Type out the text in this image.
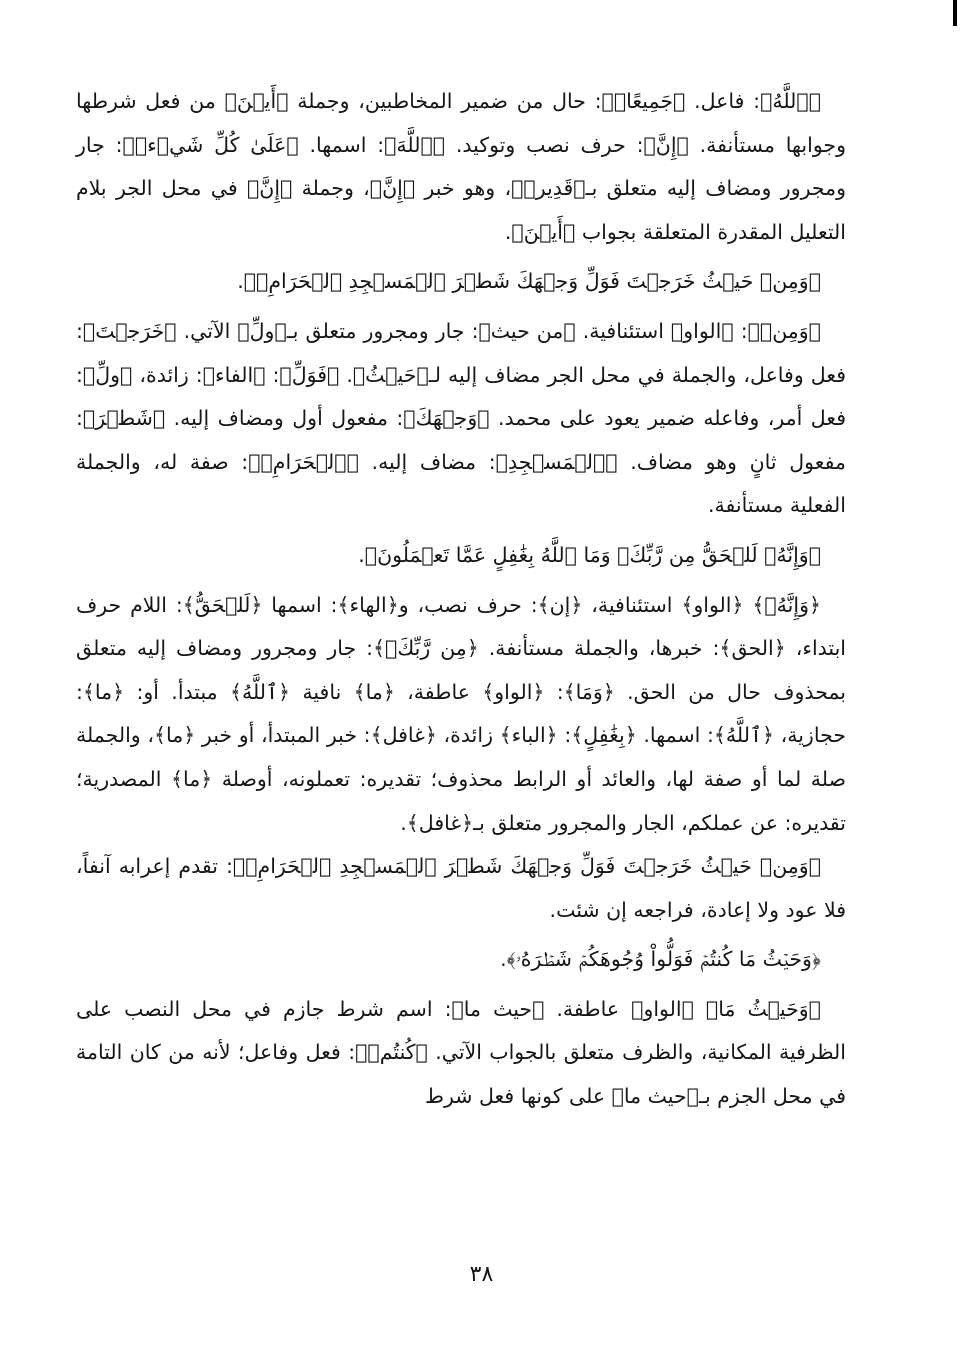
﴿ٱللَّهُ﴾: فاعل. ﴿جَمِيعًاۚ﴾: حال من ضمير المخاطبين، وجملة ﴿أَيۡنَ﴾ من فعل شرطها وجوابها مستأنفة. ﴿إِنَّ﴾: حرف نصب وتوكيد. ﴿ٱللَّهَ﴾: اسمها. ﴿عَلَىٰ كُلِّ شَيۡءٖ﴾: جار ومجرور ومضاف إليه متعلق بـ﴿قَدِيرٞ﴾، وهو خبر ﴿إِنَّ﴾، وجملة ﴿إِنَّ﴾ في محل الجر بلام التعليل المقدرة المتعلقة بجواب ﴿أَيۡنَ﴾.

﴿وَمِنۡ حَيۡثُ خَرَجۡتَ فَوَلِّ وَجۡهَكَ شَطۡرَ ٱلۡمَسۡجِدِ ٱلۡحَرَامِۖ﴾.

﴿وَمِنۡ﴾: ﴿الواو﴾ استئنافية. ﴿من حيث﴾: جار ومجرور متعلق بـ﴿ولِّ﴾ الآتي. ﴿خَرَجۡتَ﴾: فعل وفاعل، والجملة في محل الجر مضاف إليه لـ﴿حَيۡثُ﴾. ﴿فَوَلِّ﴾: ﴿الفاء﴾: زائدة، ﴿ولِّ﴾: فعل أمر، وفاعله ضمير يعود على محمد. ﴿وَجۡهَكَ﴾: مفعول أول ومضاف إليه. ﴿شَطۡرَ﴾: مفعول ثانٍ وهو مضاف. ﴿ٱلۡمَسۡجِدِ﴾: مضاف إليه. ﴿ٱلۡحَرَامِۖ﴾: صفة له، والجملة الفعلية مستأنفة.

﴿وَإِنَّهُۥ لَلۡحَقُّ مِن رَّبِّكَۗ وَمَا ٱللَّهُ بِغَٰفِلٍ عَمَّا تَعۡمَلُونَ﴾.

﴿وَإِنَّهُۥ﴾ ﴿الواو﴾ استئنافية، ﴿إن﴾: حرف نصب، و﴿الهاء﴾: اسمها ﴿لَلۡحَقُّ﴾: اللام حرف ابتداء، ﴿الحق﴾: خبرها، والجملة مستأنفة. ﴿مِن رَّبِّكَۗ﴾: جار ومجرور ومضاف إليه متعلق بمحذوف حال من الحق. ﴿وَمَا﴾: ﴿الواو﴾ عاطفة، ﴿ما﴾ نافية ﴿ٱللَّهُ﴾ مبتدأ. أو: ﴿ما﴾: حجازية، ﴿ٱللَّهُ﴾: اسمها. ﴿بِغَٰفِلٍ﴾: ﴿الباء﴾ زائدة، ﴿غافل﴾: خبر المبتدأ، أو خبر ﴿ما﴾، والجملة صلة لما أو صفة لها، والعائد أو الرابط محذوف؛ تقديره: تعملونه، أوصلة ﴿ما﴾ المصدرية؛ تقديره: عن عملكم، الجار والمجرور متعلق بـ﴿غافل﴾.

﴿وَمِنۡ حَيۡثُ خَرَجۡتَ فَوَلِّ وَجۡهَكَ شَطۡرَ ٱلۡمَسۡجِدِ ٱلۡحَرَامِۖ﴾: تقدم إعرابه آنفاً، فلا عود ولا إعادة، فراجعه إن شئت.

﴿وَحَيۡثُ مَا كُنتُمۡ فَوَلُّواْ وُجُوهَكُمۡ شَطۡرَهُۥ﴾.

﴿وَحَيۡثُ مَا﴾ ﴿الواو﴾ عاطفة. ﴿حيث ما﴾: اسم شرط جازم في محل النصب على الظرفية المكانية، والظرف متعلق بالجواب الآتي. ﴿كُنتُمۡ﴾: فعل وفاعل؛ لأنه من كان التامة في محل الجزم بـ﴿حيث ما﴾ على كونها فعل شرط

٣٨
